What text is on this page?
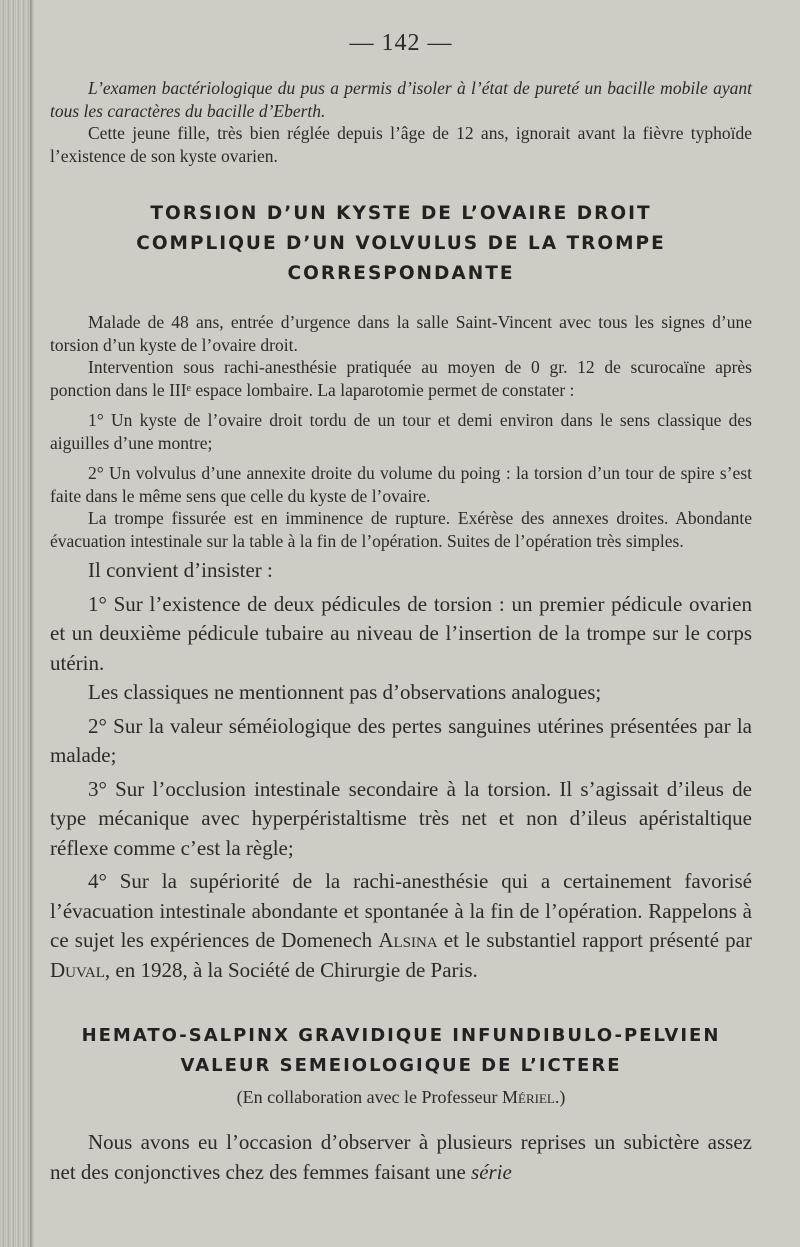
— 142 —

L’examen bactériologique du pus a permis d’isoler à l’état de pureté un bacille mobile ayant tous les caractères du bacille d’Eberth.

Cette jeune fille, très bien réglée depuis l’âge de 12 ans, ignorait avant la fièvre typhoïde l’existence de son kyste ovarien.

TORSION D’UN KYSTE DE L’OVAIRE DROIT
COMPLIQUE D’UN VOLVULUS DE LA TROMPE CORRESPONDANTE

Malade de 48 ans, entrée d’urgence dans la salle Saint-Vincent avec tous les signes d’une torsion d’un kyste de l’ovaire droit.

Intervention sous rachi-anesthésie pratiquée au moyen de 0 gr. 12 de scurocaïne après ponction dans le IIIᵉ espace lombaire. La laparotomie permet de constater :

1° Un kyste de l’ovaire droit tordu de un tour et demi environ dans le sens classique des aiguilles d’une montre;

2° Un volvulus d’une annexite droite du volume du poing : la torsion d’un tour de spire s’est faite dans le même sens que celle du kyste de l’ovaire.

La trompe fissurée est en imminence de rupture. Exérèse des annexes droites. Abondante évacuation intestinale sur la table à la fin de l’opération. Suites de l’opération très simples.

Il convient d’insister :

1° Sur l’existence de deux pédicules de torsion : un premier pédicule ovarien et un deuxième pédicule tubaire au niveau de l’insertion de la trompe sur le corps utérin.

Les classiques ne mentionnent pas d’observations analogues;

2° Sur la valeur séméiologique des pertes sanguines utérines présentées par la malade;

3° Sur l’occlusion intestinale secondaire à la torsion. Il s’agissait d’ileus de type mécanique avec hyperpéristaltisme très net et non d’ileus apéristaltique réflexe comme c’est la règle;

4° Sur la supériorité de la rachi-anesthésie qui a certainement favorisé l’évacuation intestinale abondante et spontanée à la fin de l’opération. Rappelons à ce sujet les expériences de Domenech Alsina et le substantiel rapport présenté par Duval, en 1928, à la Société de Chirurgie de Paris.

HEMATO-SALPINX GRAVIDIQUE INFUNDIBULO-PELVIEN
VALEUR SEMEIOLOGIQUE DE L’ICTERE
(En collaboration avec le Professeur Mériel.)

Nous avons eu l’occasion d’observer à plusieurs reprises un subictère assez net des conjonctives chez des femmes faisant une série
